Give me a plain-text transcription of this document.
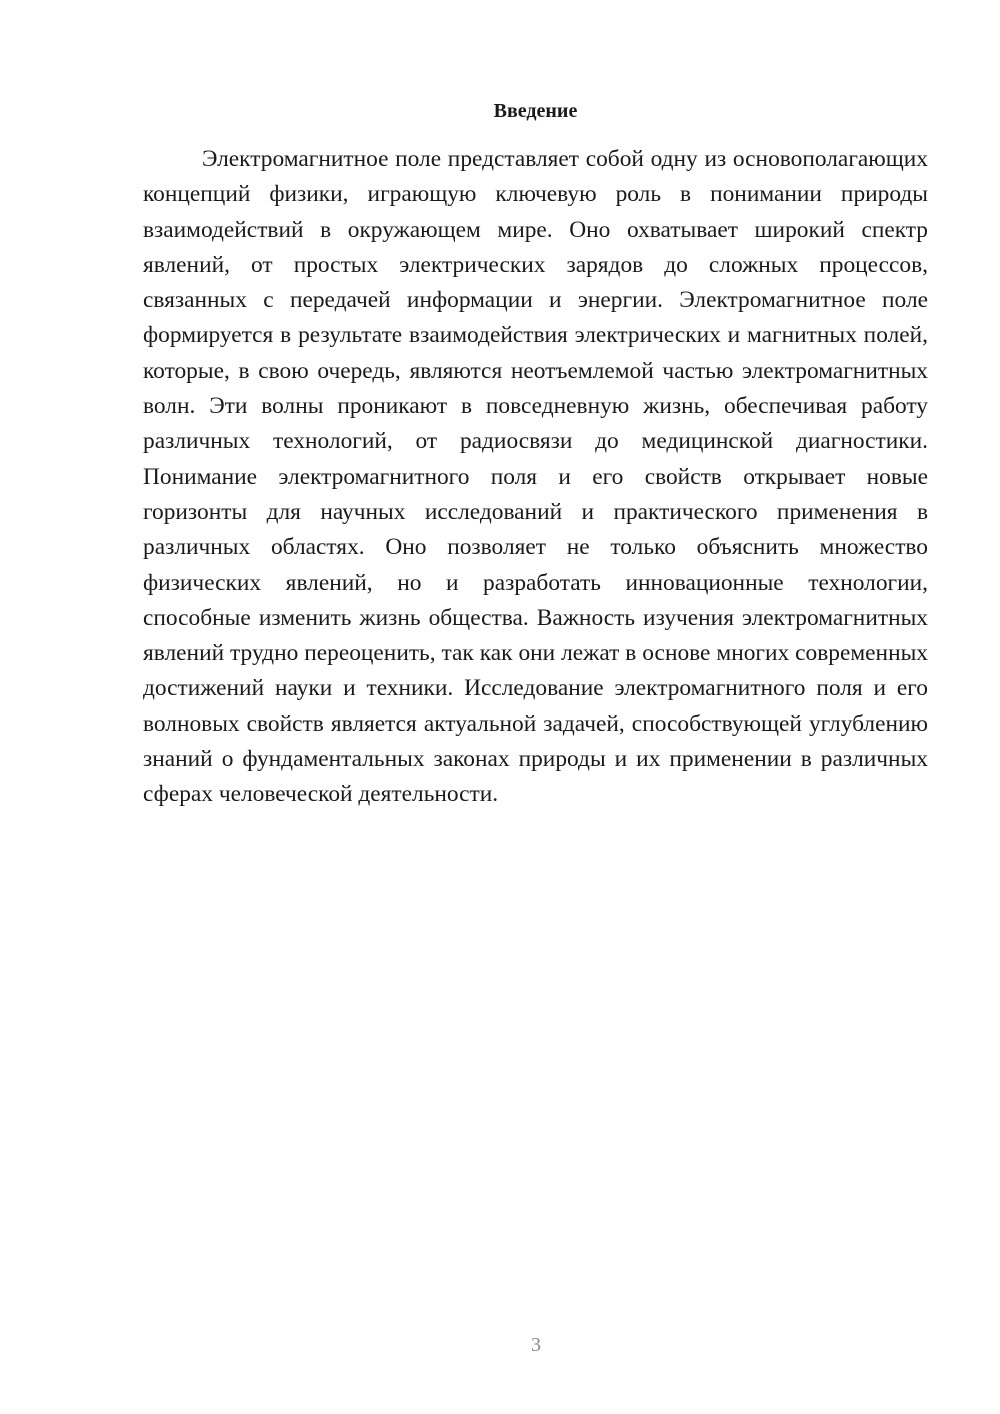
Введение

Электромагнитное поле представляет собой одну из основополагающих концепций физики, играющую ключевую роль в понимании природы взаимодействий в окружающем мире. Оно охватывает широкий спектр явлений, от простых электрических зарядов до сложных процессов, связанных с передачей информации и энергии. Электромагнитное поле формируется в результате взаимодействия электрических и магнитных полей, которые, в свою очередь, являются неотъемлемой частью электромагнитных волн. Эти волны проникают в повседневную жизнь, обеспечивая работу различных технологий, от радиосвязи до медицинской диагностики. Понимание электромагнитного поля и его свойств открывает новые горизонты для научных исследований и практического применения в различных областях. Оно позволяет не только объяснить множество физических явлений, но и разработать инновационные технологии, способные изменить жизнь общества. Важность изучения электромагнитных явлений трудно переоценить, так как они лежат в основе многих современных достижений науки и техники. Исследование электромагнитного поля и его волновых свойств является актуальной задачей, способствующей углублению знаний о фундаментальных законах природы и их применении в различных сферах человеческой деятельности.

3
